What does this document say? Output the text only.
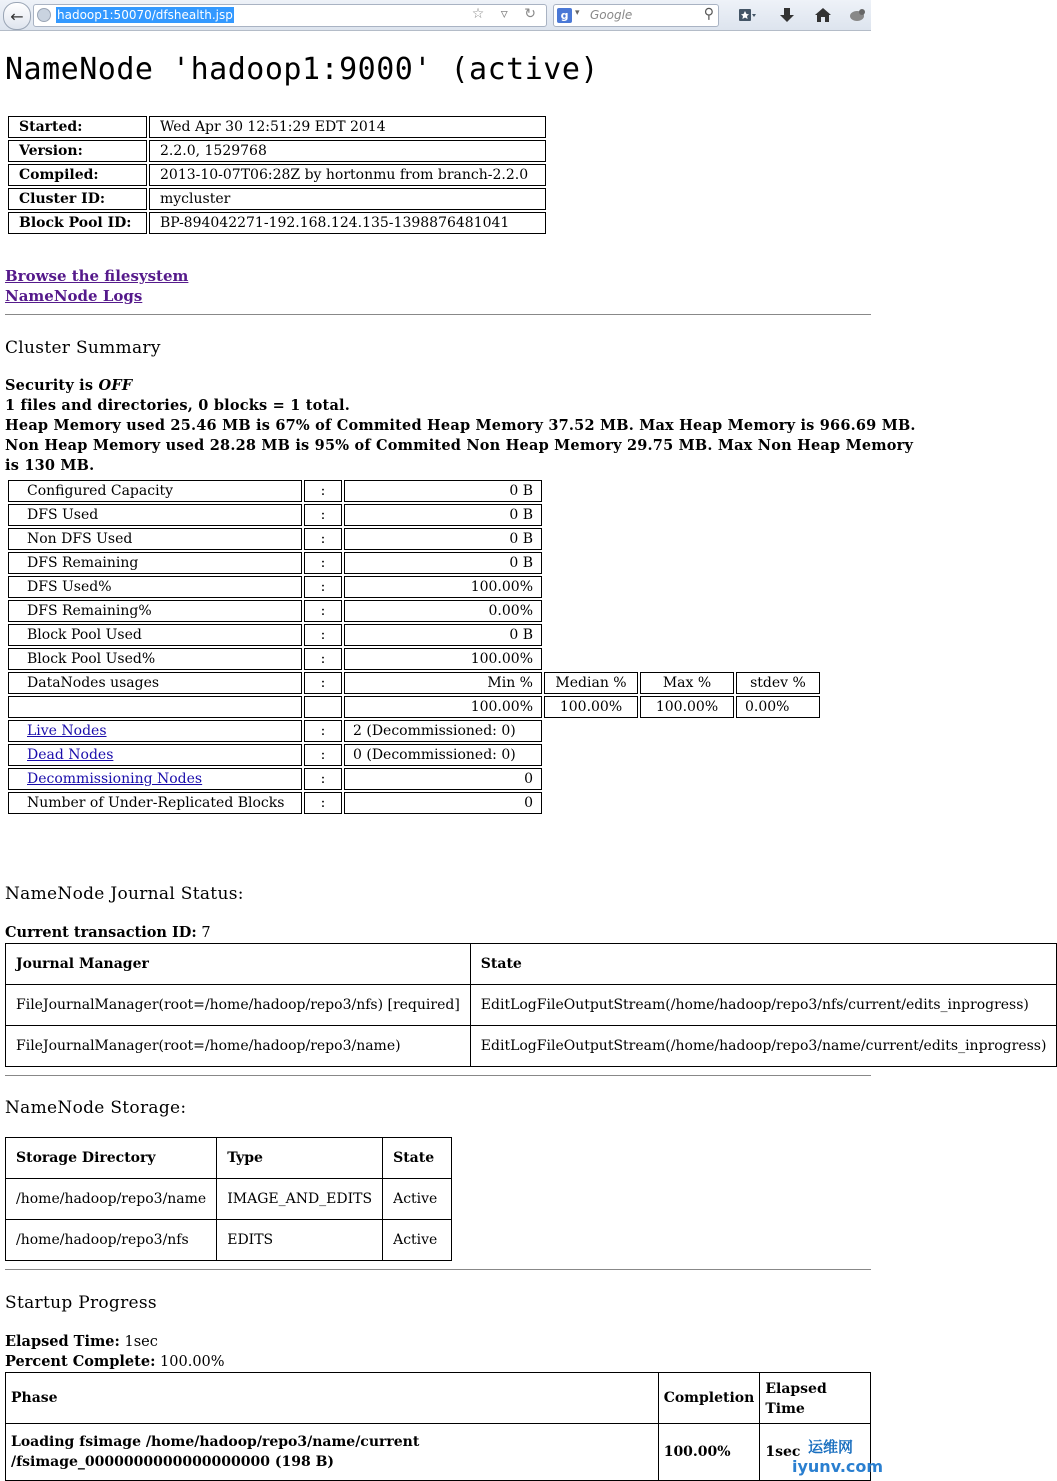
←	hadoop1:50070/dfshealth.jsp	☆ ▿ ↻	g ▾ Google	⚲
NameNode 'hadoop1:9000' (active)
Started:	Wed Apr 30 12:51:29 EDT 2014
Version:	2.2.0, 1529768
Compiled:	2013-10-07T06:28Z by hortonmu from branch-2.2.0
Cluster ID:	mycluster
Block Pool ID:	BP-894042271-192.168.124.135-1398876481041
Browse the filesystem
NameNode Logs
Cluster Summary
Security is OFF
1 files and directories, 0 blocks = 1 total.
Heap Memory used 25.46 MB is 67% of Commited Heap Memory 37.52 MB. Max Heap Memory is 966.69 MB.
Non Heap Memory used 28.28 MB is 95% of Commited Non Heap Memory 29.75 MB. Max Non Heap Memory
is 130 MB.
Configured Capacity	:	0 B			
DFS Used	:	0 B			
Non DFS Used	:	0 B			
DFS Remaining	:	0 B			
DFS Used%	:	100.00%			
DFS Remaining%	:	0.00%			
Block Pool Used	:	0 B			
Block Pool Used%	:	100.00%			
DataNodes usages	:	Min %	Median %	Max %	stdev %
		100.00%	100.00%	100.00%	0.00%
Live Nodes	:	2 (Decommissioned: 0)			
Dead Nodes	:	0 (Decommissioned: 0)			
Decommissioning Nodes	:	0			
Number of Under-Replicated Blocks	:	0			
NameNode Journal Status:
Current transaction ID: 7
Journal Manager	State
FileJournalManager(root=/home/hadoop/repo3/nfs) [required]	EditLogFileOutputStream(/home/hadoop/repo3/nfs/current/edits_inprogress)
FileJournalManager(root=/home/hadoop/repo3/name)	EditLogFileOutputStream(/home/hadoop/repo3/name/current/edits_inprogress)
NameNode Storage:
Storage Directory	Type	State
/home/hadoop/repo3/name	IMAGE_AND_EDITS	Active
/home/hadoop/repo3/nfs	EDITS	Active
Startup Progress
Elapsed Time: 1sec
Percent Complete: 100.00%
Phase	Completion	Elapsed
Time
Loading fsimage /home/hadoop/repo3/name/current
/fsimage_0000000000000000000 (198 B)	100.00%	1sec 运维网
iyunv.com
